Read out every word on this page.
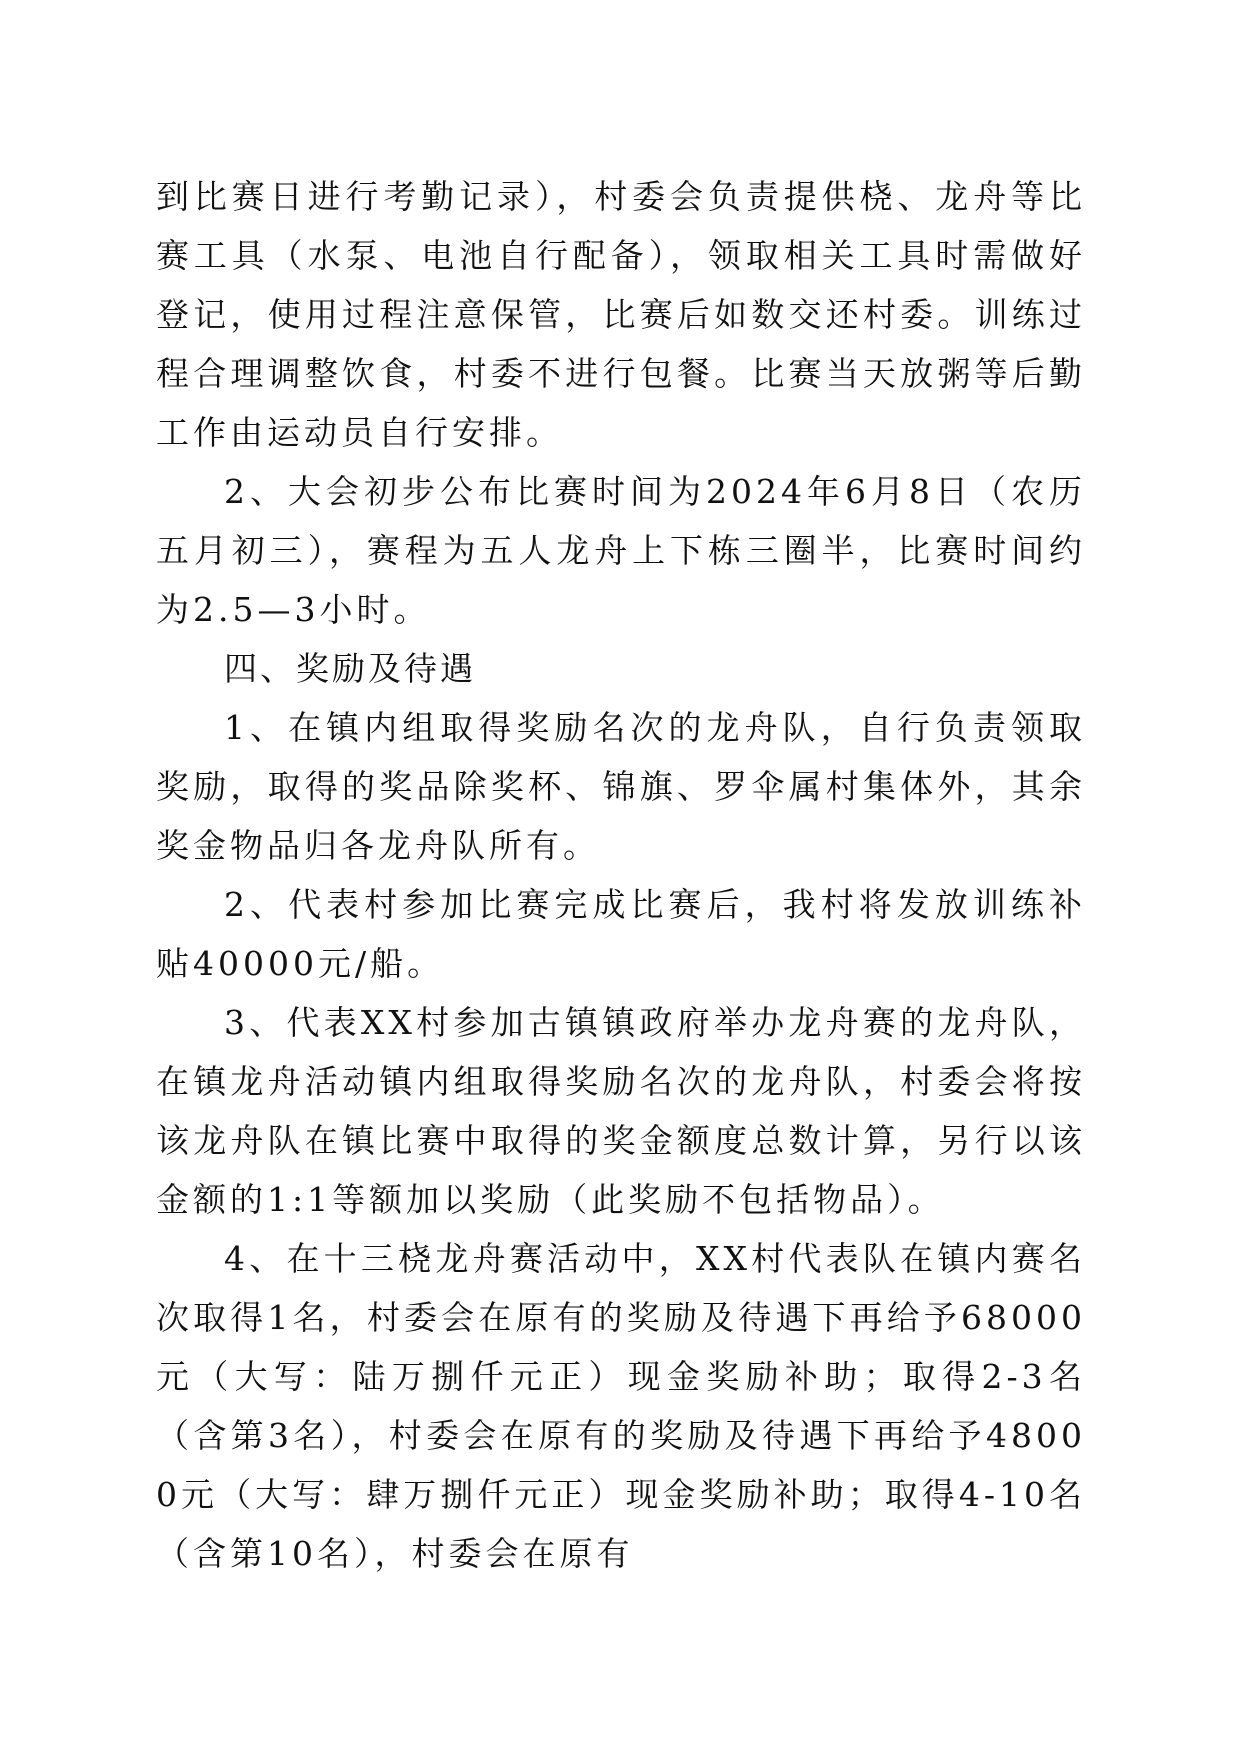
到比赛日进行考勤记录），村委会负责提供桡、龙舟等比赛工具（水泵、电池自行配备），领取相关工具时需做好登记，使用过程注意保管，比赛后如数交还村委。训练过程合理调整饮食，村委不进行包餐。比赛当天放粥等后勤工作由运动员自行安排。

2、大会初步公布比赛时间为2024年6月8日（农历五月初三），赛程为五人龙舟上下栋三圈半，比赛时间约为2.5—3小时。

四、奖励及待遇

1、在镇内组取得奖励名次的龙舟队，自行负责领取奖励，取得的奖品除奖杯、锦旗、罗伞属村集体外，其余奖金物品归各龙舟队所有。

2、代表村参加比赛完成比赛后，我村将发放训练补贴40000元/船。

3、代表XX村参加古镇镇政府举办龙舟赛的龙舟队，在镇龙舟活动镇内组取得奖励名次的龙舟队，村委会将按该龙舟队在镇比赛中取得的奖金额度总数计算，另行以该金额的1:1等额加以奖励（此奖励不包括物品）。

4、在十三桡龙舟赛活动中，XX村代表队在镇内赛名次取得1名，村委会在原有的奖励及待遇下再给予68000元（大写：陆万捌仟元正）现金奖励补助；取得2-3名（含第3名），村委会在原有的奖励及待遇下再给予48000元（大写：肆万捌仟元正）现金奖励补助；取得4-10名（含第10名），村委会在原有
